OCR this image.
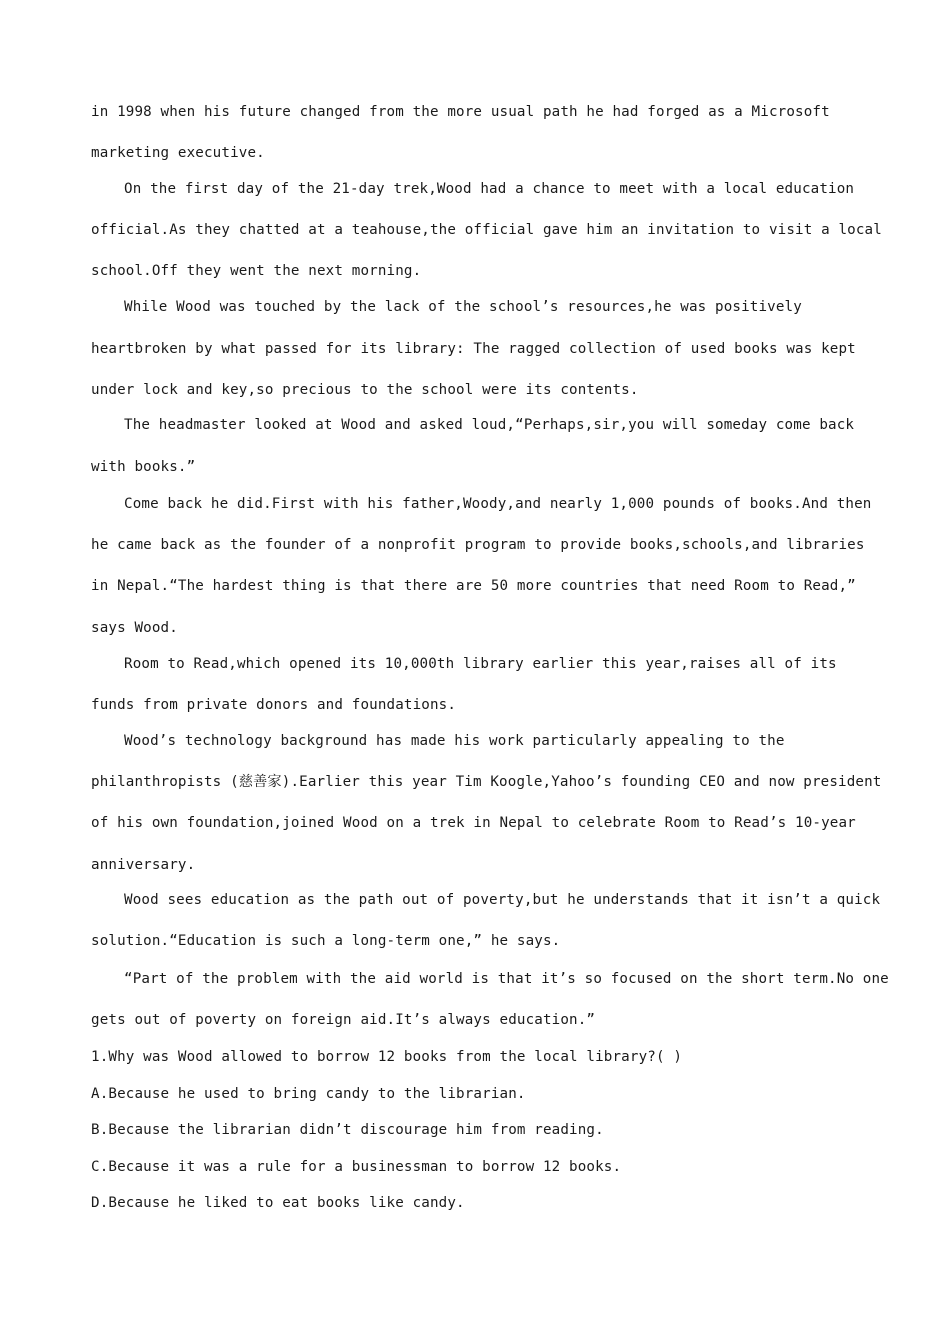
in 1998 when his future changed from the more usual path he had forged as a Microsoft
marketing executive.
On the first day of the 21-day trek,Wood had a chance to meet with a local education
official.As they chatted at a teahouse,the official gave him an invitation to visit a local
school.Off they went the next morning.
While Wood was touched by the lack of the school’s resources,he was positively
heartbroken by what passed for its library: The ragged collection of used books was kept
under lock and key,so precious to the school were its contents.
The headmaster looked at Wood and asked loud,“Perhaps,sir,you will someday come back
with books.”
Come back he did.First with his father,Woody,and nearly 1,000 pounds of books.And then
he came back as the founder of a nonprofit program to provide books,schools,and libraries
in Nepal.“The hardest thing is that there are 50 more countries that need Room to Read,”
says Wood.
Room to Read,which opened its 10,000th library earlier this year,raises all of its
funds from private donors and foundations.
Wood’s technology background has made his work particularly appealing to the
philanthropists (慈善家).Earlier this year Tim Koogle,Yahoo’s founding CEO and now president
of his own foundation,joined Wood on a trek in Nepal to celebrate Room to Read’s 10-year
anniversary.
Wood sees education as the path out of poverty,but he understands that it isn’t a quick
solution.“Education is such a long-term one,” he says.
“Part of the problem with the aid world is that it’s so focused on the short term.No one
gets out of poverty on foreign aid.It’s always education.”
1.Why was Wood allowed to borrow 12 books from the local library?( )
A.Because he used to bring candy to the librarian.
B.Because the librarian didn’t discourage him from reading.
C.Because it was a rule for a businessman to borrow 12 books.
D.Because he liked to eat books like candy.
